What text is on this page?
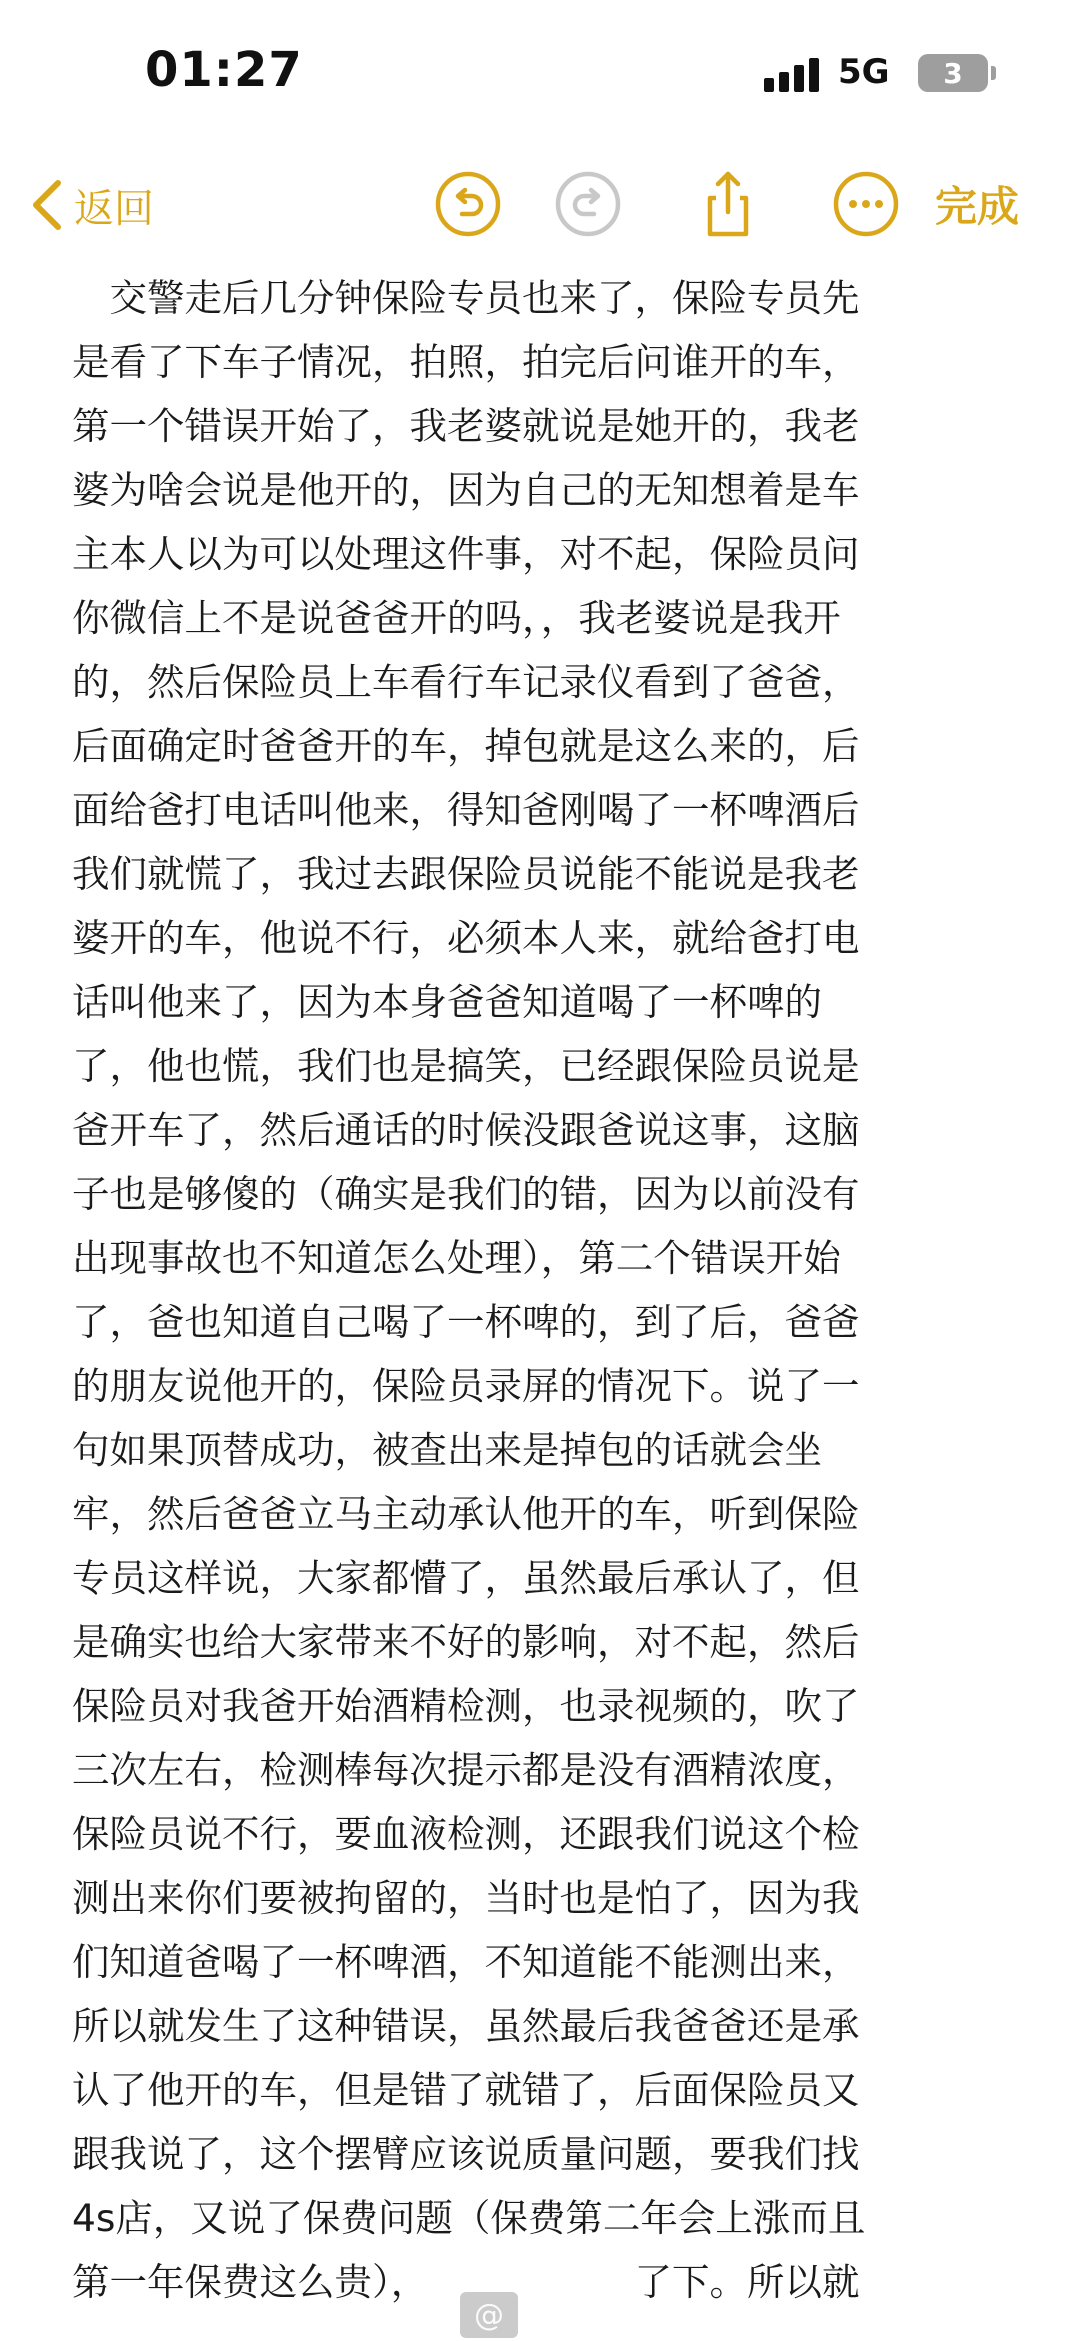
01:27	5G 3
返回	完成
　交警走后几分钟保险专员也来了，保险专员先
是看了下车子情况，拍照，拍完后问谁开的车，
第一个错误开始了，我老婆就说是她开的，我老
婆为啥会说是他开的，因为自己的无知想着是车
主本人以为可以处理这件事，对不起，保险员问
你微信上不是说爸爸开的吗，，我老婆说是我开
的，然后保险员上车看行车记录仪看到了爸爸，
后面确定时爸爸开的车，掉包就是这么来的，后
面给爸打电话叫他来，得知爸刚喝了一杯啤酒后
我们就慌了，我过去跟保险员说能不能说是我老
婆开的车，他说不行，必须本人来，就给爸打电
话叫他来了，因为本身爸爸知道喝了一杯啤的
了，他也慌，我们也是搞笑，已经跟保险员说是
爸开车了，然后通话的时候没跟爸说这事，这脑
子也是够傻的（确实是我们的错，因为以前没有
出现事故也不知道怎么处理），第二个错误开始
了，爸也知道自己喝了一杯啤的，到了后，爸爸
的朋友说他开的，保险员录屏的情况下。说了一
句如果顶替成功，被查出来是掉包的话就会坐
牢，然后爸爸立马主动承认他开的车，听到保险
专员这样说，大家都懵了，虽然最后承认了，但
是确实也给大家带来不好的影响，对不起，然后
保险员对我爸开始酒精检测，也录视频的，吹了
三次左右，检测棒每次提示都是没有酒精浓度，
保险员说不行，要血液检测，还跟我们说这个检
测出来你们要被拘留的，当时也是怕了，因为我
们知道爸喝了一杯啤酒，不知道能不能测出来，
所以就发生了这种错误，虽然最后我爸爸还是承
认了他开的车，但是错了就错了，后面保险员又
跟我说了，这个摆臂应该说质量问题，要我们找
4s店，又说了保费问题（保费第二年会上涨而且
第一年保费这么贵），　　　　　　了下。所以就
@
